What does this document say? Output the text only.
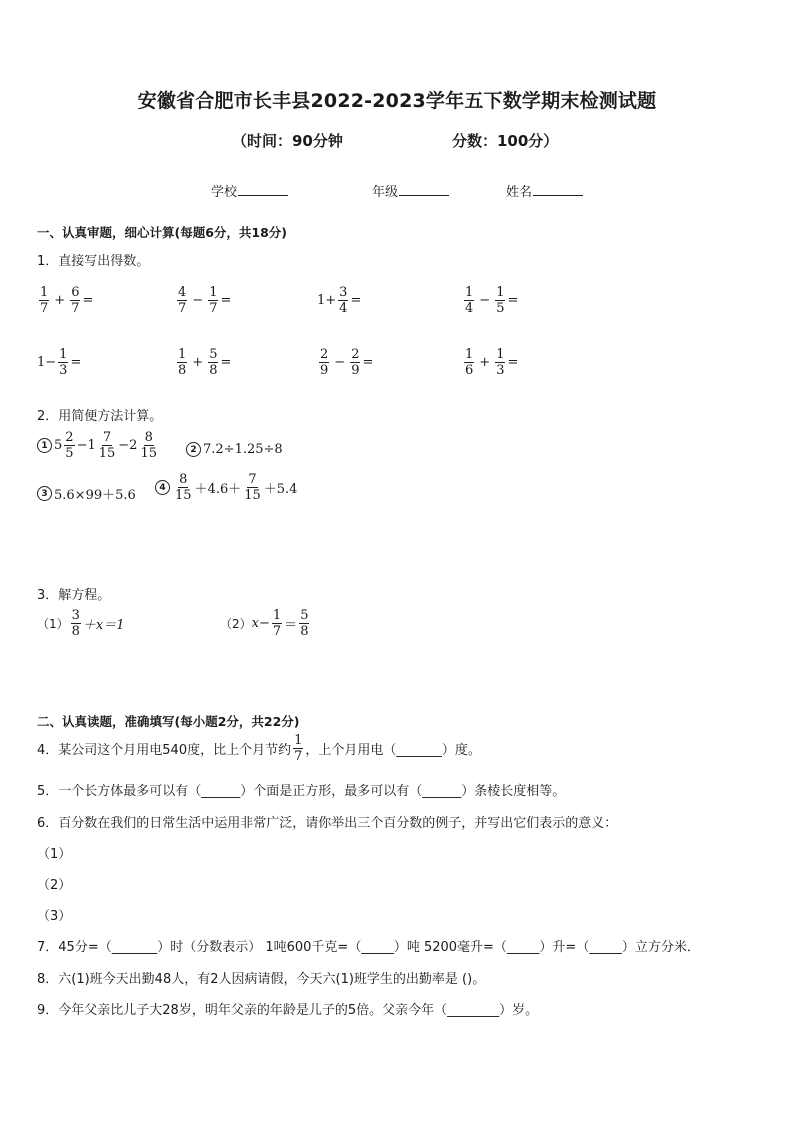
安徽省合肥市长丰县2022-2023学年五下数学期末检测试题
（时间：90分钟	分数：100分）
学校	年级	姓名
一、认真审题，细心计算(每题6分，共18分)
1．直接写出得数。
$\frac{1}{7} + \frac{6}{7}$ =	$\frac{4}{7} - \frac{1}{7}$ =	$1+ \frac{3}{4}$ =	$\frac{1}{4} - \frac{1}{5}$ =
$1- \frac{1}{3}$ =	$\frac{1}{8} + \frac{5}{8}$ =	$\frac{2}{9} - \frac{2}{9}$ =	$\frac{1}{6} + \frac{1}{3}$ =
2．用简便方法计算。
1 $5 \frac{2}{5} -1 \frac{7}{15} -2 \frac{8}{15}$	2 7.2÷1.25÷8
3 5.6×99＋5.6
$4 \frac{8}{15} +4.6+ \frac{7}{15} +5.4$
3．解方程。
$(1) \frac{3}{8} +x=1$	（2） $x - \frac{1}{7} = \frac{5}{8}$
二、认真读题，准确填写(每小题2分，共22分)
4．某公司这个月用电540度，比上个月节约 $\frac{1}{7}$ ，上个月用电（_______）度。
5．一个长方体最多可以有（______）个面是正方形，最多可以有（______）条棱长度相等。
6．百分数在我们的日常生活中运用非常广泛，请你举出三个百分数的例子，并写出它们表示的意义：
（1）
（2）
（3）
7．45分=（_______）时（分数表示） 1吨600千克=（_____）吨 5200毫升=（_____）升=（_____）立方分米．
8．六(1)班今天出勤48人，有2人因病请假，今天六(1)班学生的出勤率是 ()。
9．今年父亲比儿子大28岁，明年父亲的年龄是儿子的5倍。父亲今年（________）岁。
